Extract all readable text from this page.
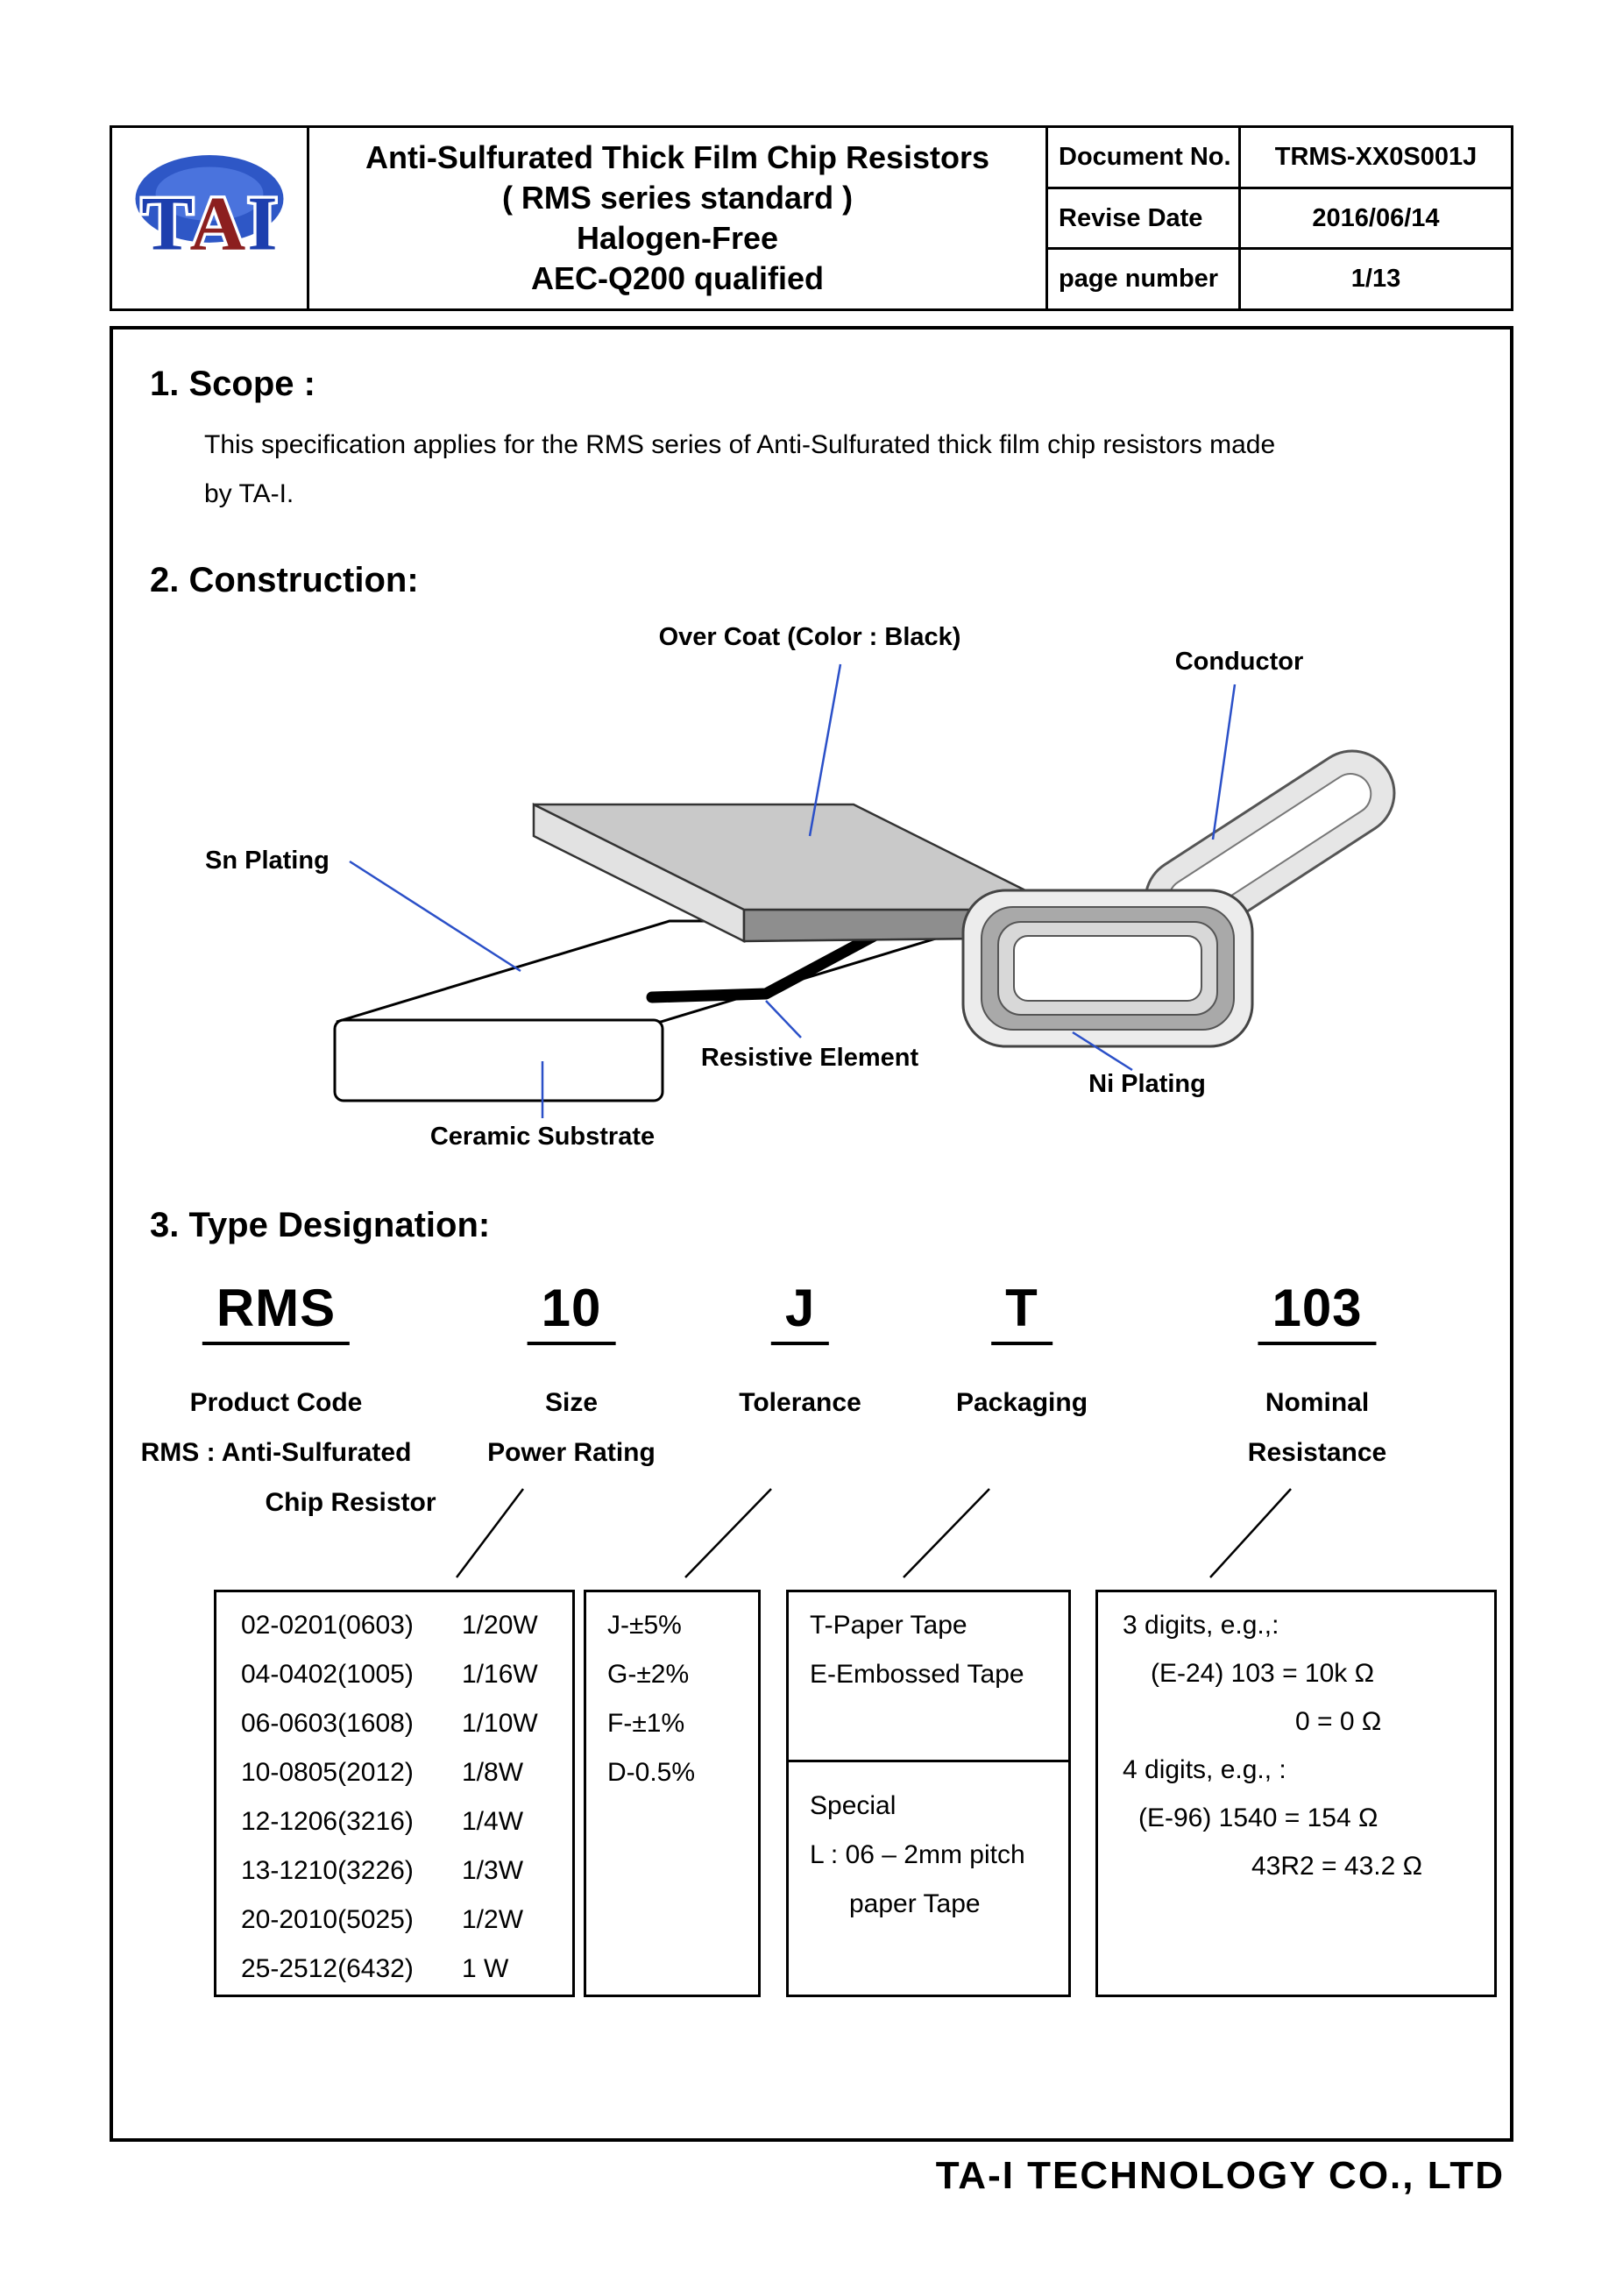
TAI
Anti-Sulfurated Thick Film Chip Resistors
( RMS series standard )
Halogen-Free
AEC-Q200 qualified
Document No.	TRMS-XX0S001J
Revise Date	2016/06/14
page number	1/13
1. Scope :
This specification applies for the RMS series of Anti-Sulfurated thick film chip resistors made
by TA-I.
2. Construction:
Over Coat (Color : Black)
Conductor
Sn Plating
Resistive Element
Ni Plating
Ceramic Substrate
3. Type Designation:
RMS	10	J	T	103
Product Code
RMS : Anti-Sulfurated
Chip Resistor
Size
Power Rating
Tolerance	Packaging	Nominal
Resistance
02-0201(0603)	1/20W
04-0402(1005)	1/16W
06-0603(1608)	1/10W
10-0805(2012)	1/8W
12-1206(3216)	1/4W
13-1210(3226)	1/3W
20-2010(5025)	1/2W
25-2512(6432)	1 W
J-±5%
G-±2%
F-±1%
D-0.5%
T-Paper Tape
E-Embossed Tape
Special
L : 06 – 2mm pitch
paper Tape
3 digits, e.g.,:
(E-24) 103 = 10k Ω
0 = 0 Ω
4 digits, e.g., :
(E-96) 1540 = 154 Ω
43R2 = 43.2 Ω
TA-I TECHNOLOGY CO., LTD
